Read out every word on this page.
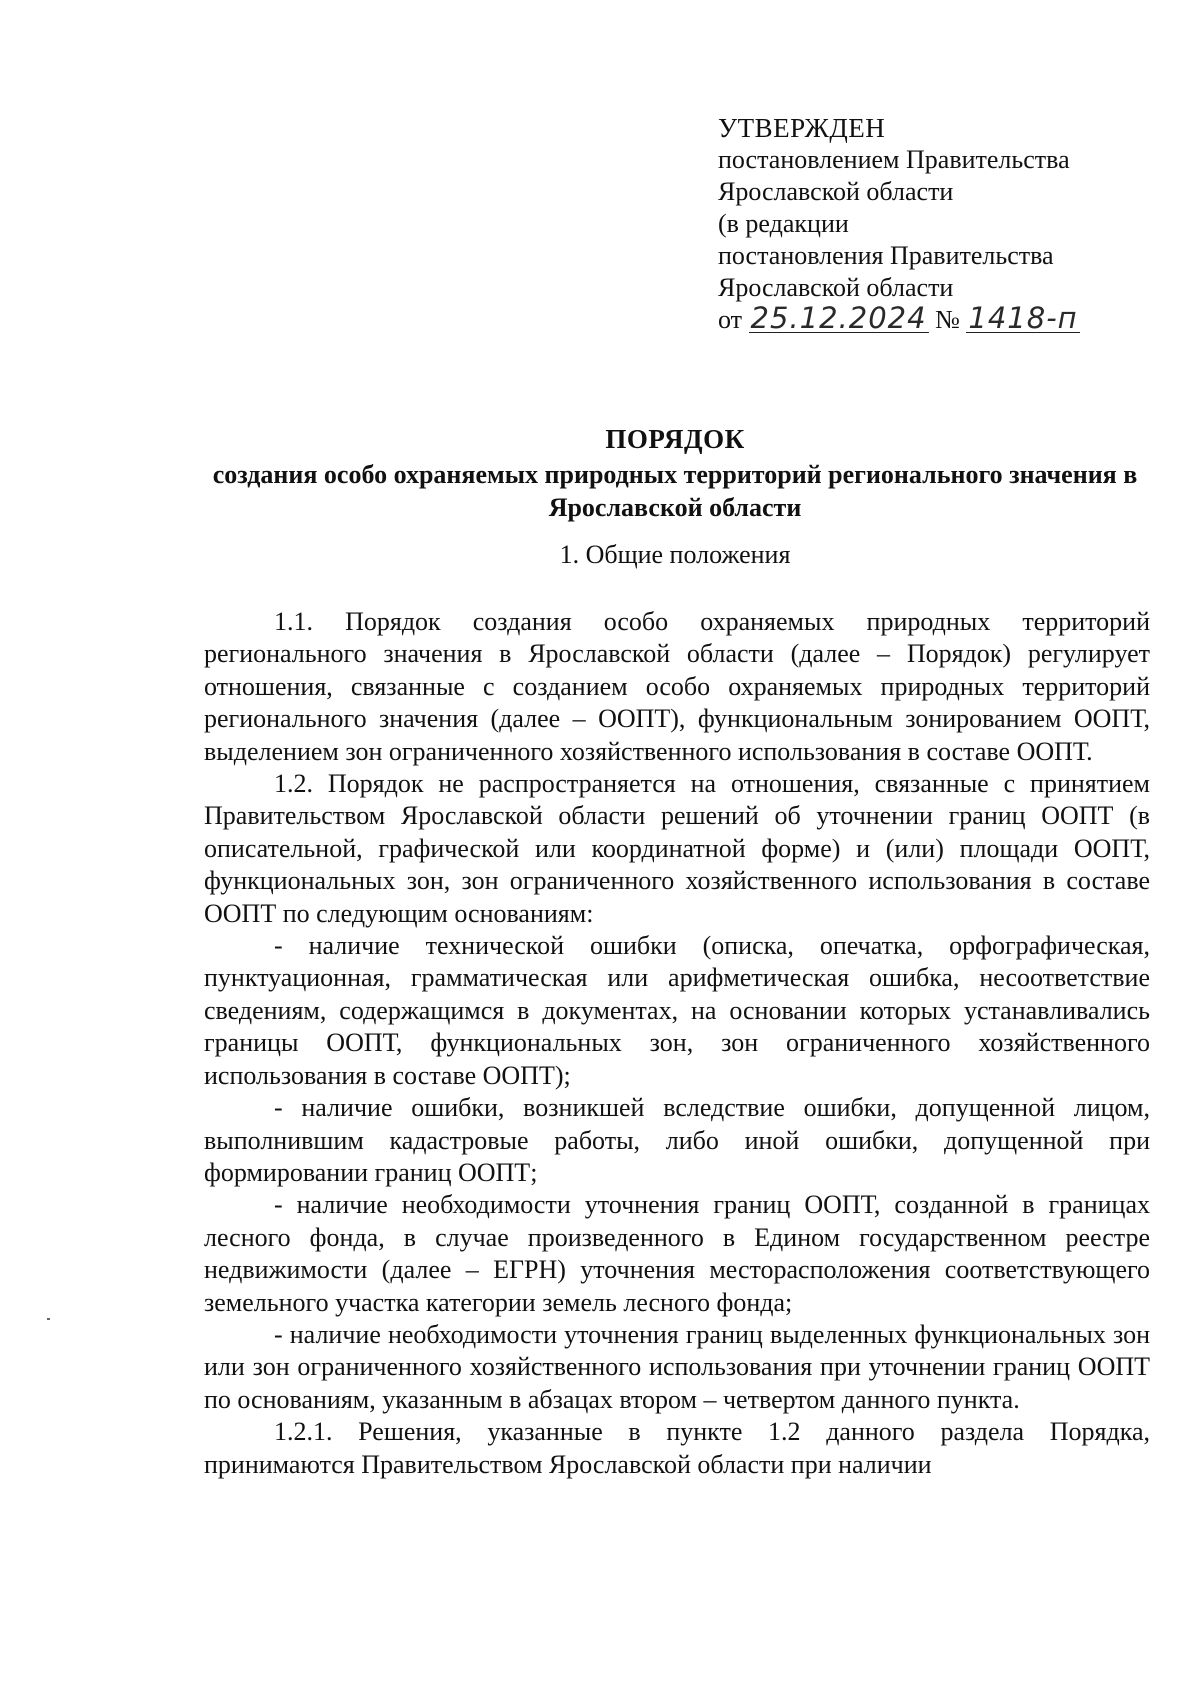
УТВЕРЖДЕН
постановлением Правительства
Ярославской области
(в редакции
постановления Правительства
Ярославской области
от 25.12.2024 № 1418-п
ПОРЯДОК
создания особо охраняемых природных территорий регионального значения в Ярославской области
1. Общие положения

1.1. Порядок создания особо охраняемых природных территорий регионального значения в Ярославской области (далее – Порядок) регулирует отношения, связанные с созданием особо охраняемых природных территорий регионального значения (далее – ООПТ), функциональным зонированием ООПТ, выделением зон ограниченного хозяйственного использования в составе ООПТ.

1.2. Порядок не распространяется на отношения, связанные с принятием Правительством Ярославской области решений об уточнении границ ООПТ (в описательной, графической или координатной форме) и (или) площади ООПТ, функциональных зон, зон ограниченного хозяйственного использования в составе ООПТ по следующим основаниям:

- наличие технической ошибки (описка, опечатка, орфографическая, пунктуационная, грамматическая или арифметическая ошибка, несоответствие сведениям, содержащимся в документах, на основании которых устанавливались границы ООПТ, функциональных зон, зон ограниченного хозяйственного использования в составе ООПТ);

- наличие ошибки, возникшей вследствие ошибки, допущенной лицом, выполнившим кадастровые работы, либо иной ошибки, допущенной при формировании границ ООПТ;

- наличие необходимости уточнения границ ООПТ, созданной в границах лесного фонда, в случае произведенного в Едином государственном реестре недвижимости (далее – ЕГРН) уточнения месторасположения соответствующего земельного участка категории земель лесного фонда;

- наличие необходимости уточнения границ выделенных функциональных зон или зон ограниченного хозяйственного использования при уточнении границ ООПТ по основаниям, указанным в абзацах втором – четвертом данного пункта.

1.2.1. Решения, указанные в пункте 1.2 данного раздела Порядка, принимаются Правительством Ярославской области при наличии
